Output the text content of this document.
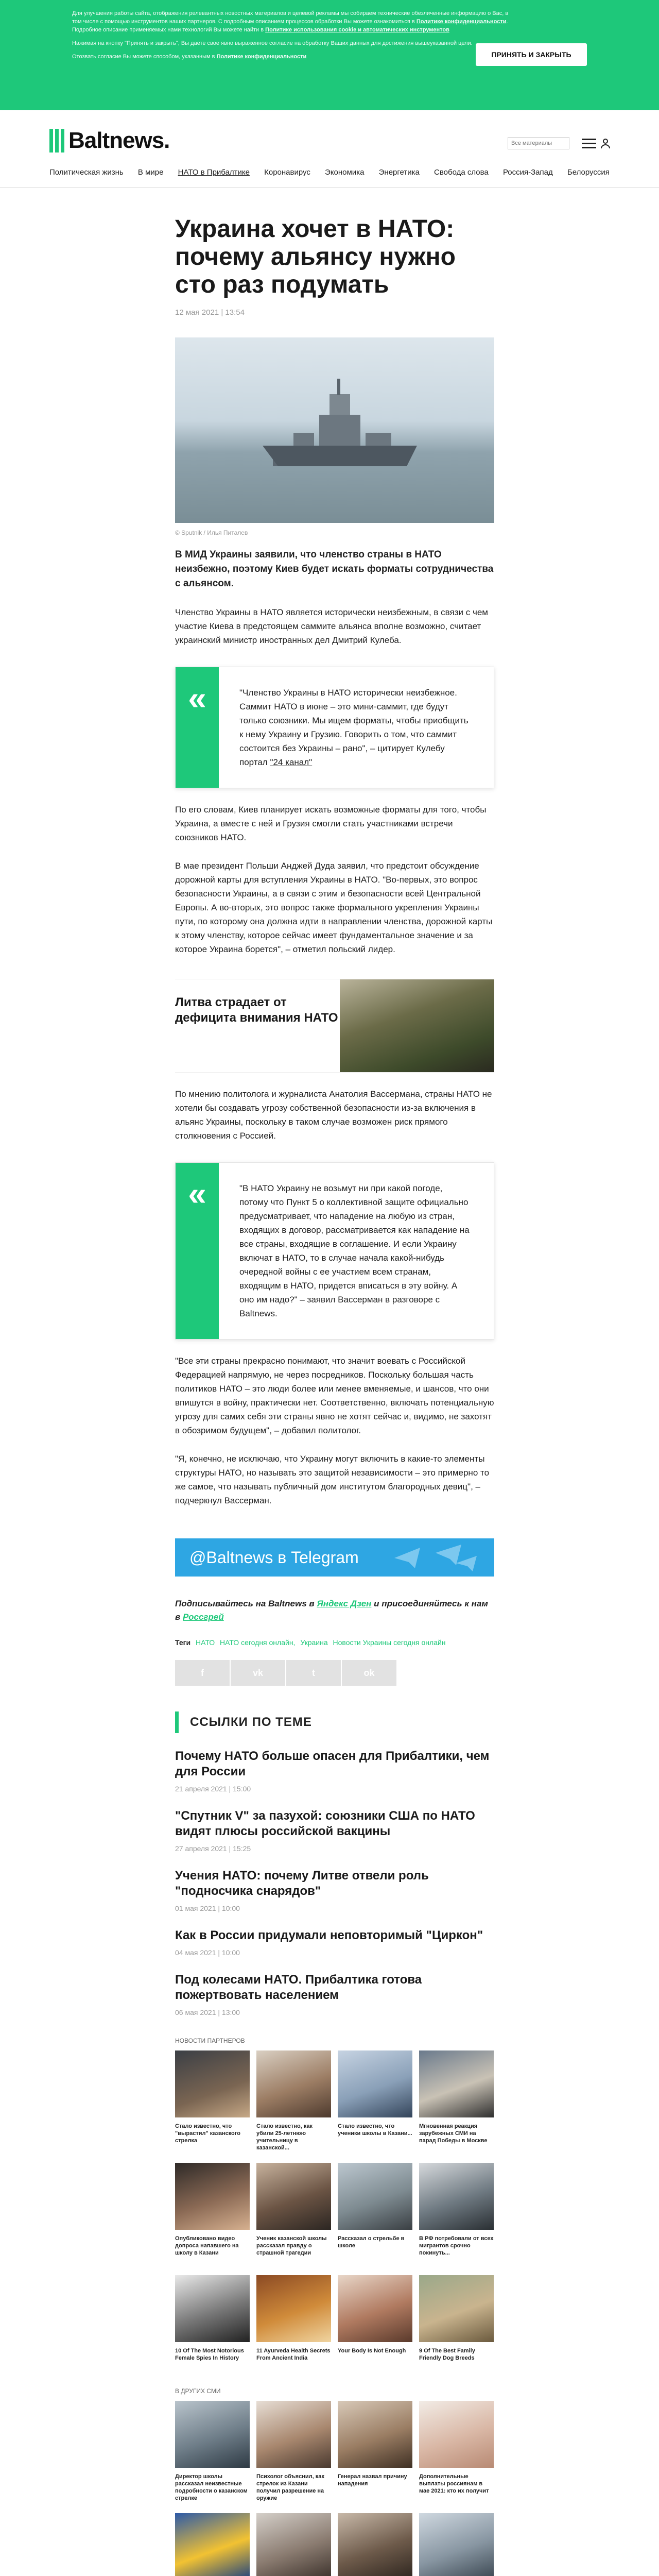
Для улучшения работы сайта, отображения релевантных новостных материалов и целевой рекламы мы собираем технические обезличенные информацию о Вас, в том числе с помощью инструментов наших партнеров. С подробным описанием процессов обработки Вы можете ознакомиться в Политике конфиденциальности. Подробное описание применяемых нами технологий Вы можете найти в Политике использования cookie и автоматических инструментов

Нажимая на кнопку "Принять и закрыть", Вы даете свое явно выраженное согласие на обработку Ваших данных для достижения вышеуказанной цели.

Отозвать согласие Вы можете способом, указанным в Политике конфиденциальности	ПРИНЯТЬ И ЗАКРЫТЬ
Baltnews.
Все материалы
Политическая жизнь В мире НАТО в Прибалтике Коронавирус Экономика Энергетика Свобода слова Россия-Запад Белоруссия
Украина хочет в НАТО: почему альянсу нужно сто раз подумать
12 мая 2021 | 13:54
© Sputnik / Илья Питалев

В МИД Украины заявили, что членство страны в НАТО неизбежно, поэтому Киев будет искать форматы сотрудничества с альянсом.

Членство Украины в НАТО является исторически неизбежным, в связи с чем участие Киева в предстоящем саммите альянса вполне возможно, считает украинский министр иностранных дел Дмитрий Кулеба.

«	"Членство Украины в НАТО исторически неизбежное. Саммит НАТО в июне – это мини-саммит, где будут только союзники. Мы ищем форматы, чтобы приобщить к нему Украину и Грузию. Говорить о том, что саммит состоится без Украины – рано", – цитирует Кулебу портал "24 канал"

По его словам, Киев планирует искать возможные форматы для того, чтобы Украина, а вместе с ней и Грузия смогли стать участниками встречи союзников НАТО.

В мае президент Польши Анджей Дуда заявил, что предстоит обсуждение дорожной карты для вступления Украины в НАТО. "Во-первых, это вопрос безопасности Украины, а в связи с этим и безопасности всей Центральной Европы. А во-вторых, это вопрос также формального укрепления Украины пути, по которому она должна идти в направлении членства, дорожной карты к этому членству, которое сейчас имеет фундаментальное значение и за которое Украина борется", – отметил польский лидер.

Литва страдает от дефицита внимания НАТО

По мнению политолога и журналиста Анатолия Вассермана, страны НАТО не хотели бы создавать угрозу собственной безопасности из-за включения в альянс Украины, поскольку в таком случае возможен риск прямого столкновения с Россией.

«	"В НАТО Украину не возьмут ни при какой погоде, потому что Пункт 5 о коллективной защите официально предусматривает, что нападение на любую из стран, входящих в договор, рассматривается как нападение на все страны, входящие в соглашение. И если Украину включат в НАТО, то в случае начала какой-нибудь очередной войны с ее участием всем странам, входящим в НАТО, придется вписаться в эту войну. А оно им надо?" – заявил Вассерман в разговоре с Baltnews.

"Все эти страны прекрасно понимают, что значит воевать с Российской Федерацией напрямую, не через посредников. Поскольку большая часть политиков НАТО – это люди более или менее вменяемые, и шансов, что они впишутся в войну, практически нет. Соответственно, включать потенциальную угрозу для самих себя эти страны явно не хотят сейчас и, видимо, не захотят в обозримом будущем", – добавил политолог.

"Я, конечно, не исключаю, что Украину могут включить в какие-то элементы структуры НАТО, но называть это защитой независимости – это примерно то же самое, что называть публичный дом институтом благородных девиц", – подчеркнул Вассерман.

@Baltnews в Telegram

Подписывайтесь на Baltnews в Яндекс Дзен и присоединяйтесь к нам в Россгрей

Теги НАТО НАТО сегодня онлайн, Украина Новости Украины сегодня онлайн
f	vk	t	ok
ССЫЛКИ ПО ТЕМЕ
Почему НАТО больше опасен для Прибалтики, чем для России
21 апреля 2021 | 15:00
"Спутник V" за пазухой: союзники США по НАТО видят плюсы российской вакцины
27 апреля 2021 | 15:25
Учения НАТО: почему Литве отвели роль "подносчика снарядов"
01 мая 2021 | 10:00
Как в России придумали неповторимый "Циркон"
04 мая 2021 | 10:00
Под колесами НАТО. Прибалтика готова пожертвовать населением
06 мая 2021 | 13:00
НОВОСТИ ПАРТНЕРОВ
Стало известно, что "вырастил" казанского стрелка
Стало известно, как убили 25-летнюю учительницу в казанской...
Стало известно, что ученики школы в Казани...
Мгновенная реакция зарубежных СМИ на парад Победы в Москве
Опубликовано видео допроса напавшего на школу в Казани
Ученик казанской школы рассказал правду о страшной трагедии
Рассказал о стрельбе в школе
В РФ потребовали от всех мигрантов срочно покинуть...
10 Of The Most Notorious Female Spies In History
11 Ayurveda Health Secrets From Ancient India
Your Body Is Not Enough	9 Of The Best Family Friendly Dog Breeds
В ДРУГИХ СМИ
Директор школы рассказал неизвестные подробности о казанском стрелке
Психолог объяснил, как стрелок из Казани получил разрешение на оружие
Генерал назвал причину нападения
Дополнительные выплаты россиянам в мае 2021: кто их получит
